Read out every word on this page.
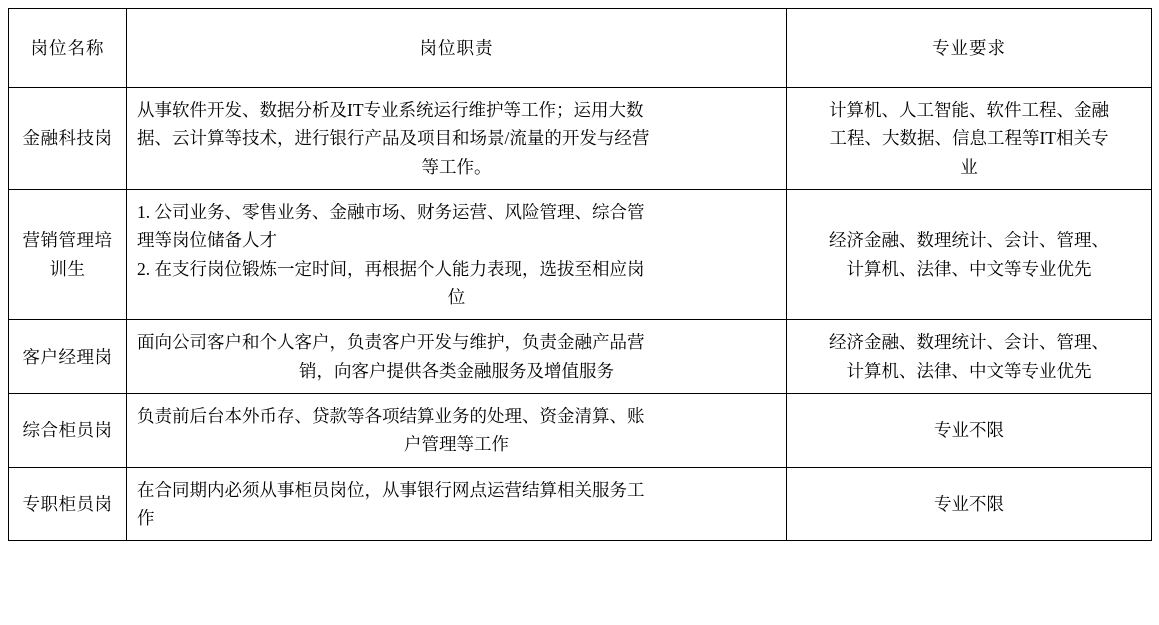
岗位名称	岗位职责	专业要求
金融科技岗	从事软件开发、数据分析及IT专业系统运行维护等工作；运用大数
据、云计算等技术，进行银行产品及项目和场景/流量的开发与经营
等工作。	计算机、人工智能、软件工程、金融
工程、大数据、信息工程等IT相关专
业

营销管理培训生	1. 公司业务、零售业务、金融市场、财务运营、风险管理、综合管
理等岗位储备人才
2. 在支行岗位锻炼一定时间，再根据个人能力表现，选拔至相应岗
位	经济金融、数理统计、会计、管理、
计算机、法律、中文等专业优先

客户经理岗	面向公司客户和个人客户，负责客户开发与维护，负责金融产品营
销，向客户提供各类金融服务及增值服务	经济金融、数理统计、会计、管理、
计算机、法律、中文等专业优先

综合柜员岗	负责前后台本外币存、贷款等各项结算业务的处理、资金清算、账
户管理等工作	专业不限

专职柜员岗	在合同期内必须从事柜员岗位，从事银行网点运营结算相关服务工
作	专业不限
